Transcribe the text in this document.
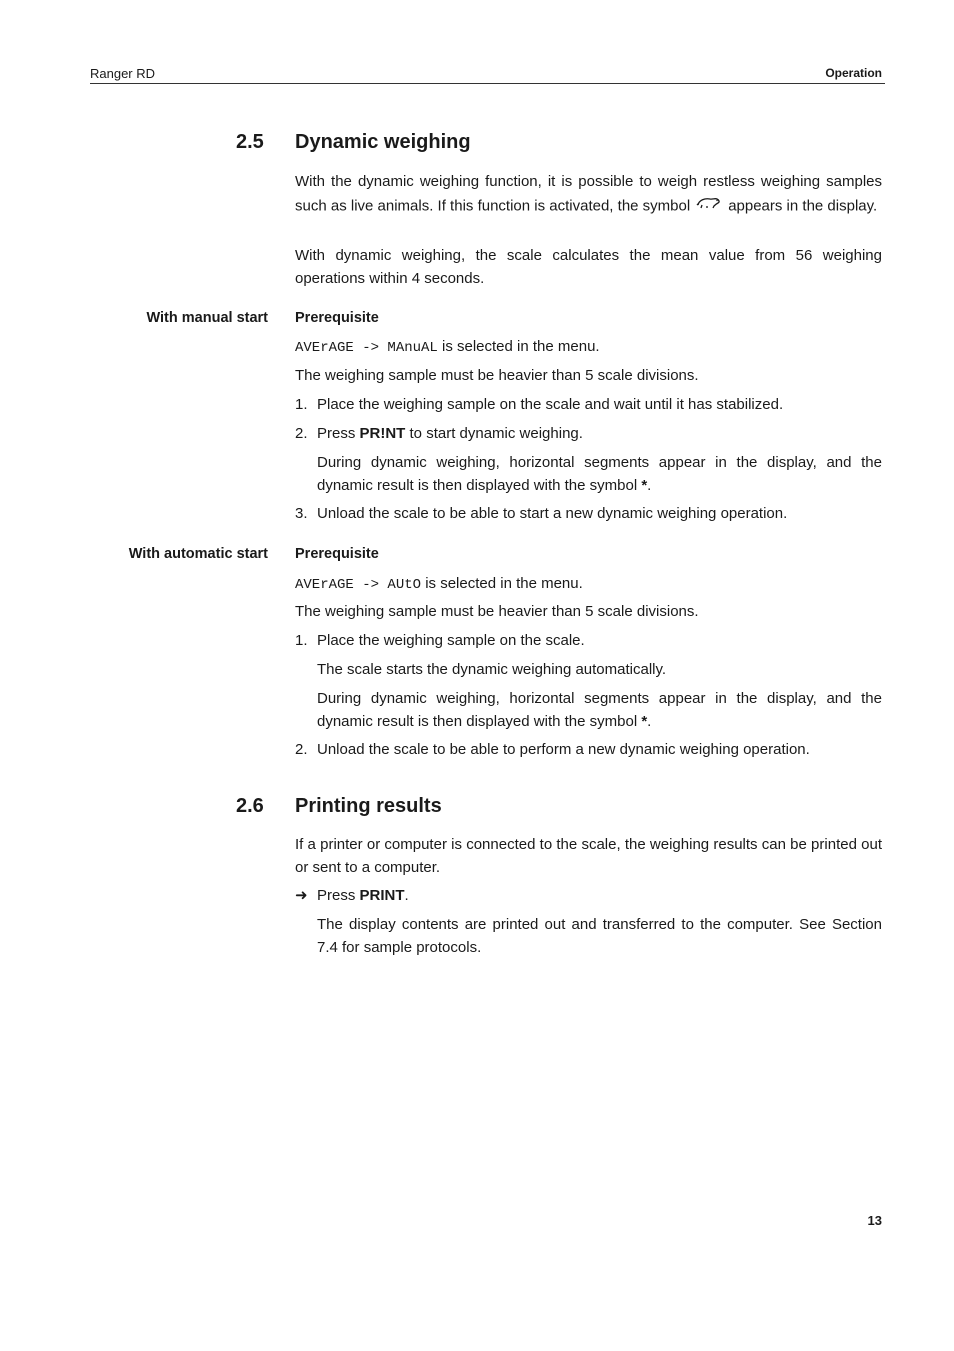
Ranger RD	Operation
2.5 Dynamic weighing
With the dynamic weighing function, it is possible to weigh restless weighing samples such as live animals. If this function is activated, the symbol	appears in the display.
With dynamic weighing, the scale calculates the mean value from 56 weighing operations within 4 seconds.
With manual start Prerequisite
AVErAGE -> MAnuAL is selected in the menu.
The weighing sample must be heavier than 5 scale divisions.
1. Place the weighing sample on the scale and wait until it has stabilized.
2. Press PR!NT to start dynamic weighing.
During dynamic weighing, horizontal segments appear in the display, and the dynamic result is then displayed with the symbol *.
3. Unload the scale to be able to start a new dynamic weighing operation.
With automatic start Prerequisite
AVErAGE -> AUtO is selected in the menu.
The weighing sample must be heavier than 5 scale divisions.
1. Place the weighing sample on the scale.
The scale starts the dynamic weighing automatically.
During dynamic weighing, horizontal segments appear in the display, and the dynamic result is then displayed with the symbol *.
2. Unload the scale to be able to perform a new dynamic weighing operation.
2.6 Printing results
If a printer or computer is connected to the scale, the weighing results can be printed out or sent to a computer.
➜ Press PRINT.
The display contents are printed out and transferred to the computer. See Section 7.4 for sample protocols.
13
